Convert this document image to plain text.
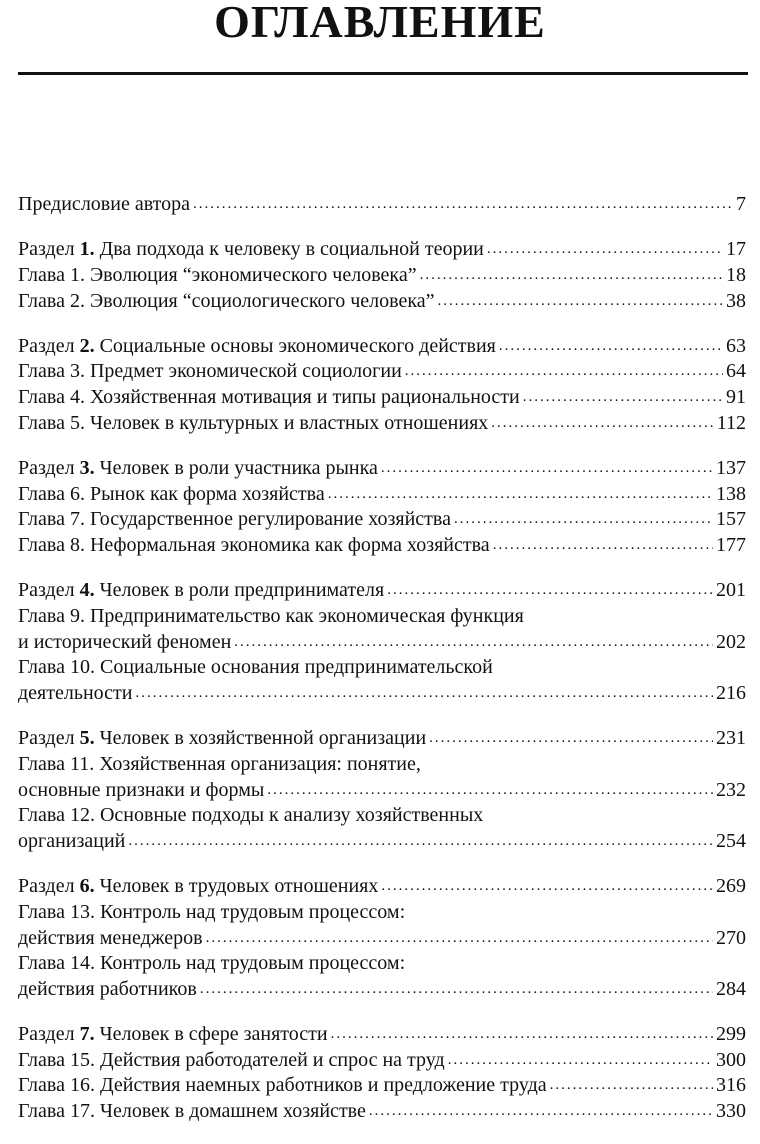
ОГЛАВЛЕНИЕ
Предисловие автора .....	7
Раздел 1. Два подхода к человеку в социальной теории .....	17
Глава 1. Эволюция “экономического человека” .....	18
Глава 2. Эволюция “социологического человека” .....	38
Раздел 2. Социальные основы экономического действия .....	63
Глава 3. Предмет экономической социологии .....	64
Глава 4. Хозяйственная мотивация и типы рациональности .....	91
Глава 5. Человек в культурных и властных отношениях .....	112
Раздел 3. Человек в роли участника рынка .....	137
Глава 6. Рынок как форма хозяйства .....	138
Глава 7. Государственное регулирование хозяйства .....	157
Глава 8. Неформальная экономика как форма хозяйства .....	177
Раздел 4. Человек в роли предпринимателя .....	201
Глава 9. Предпринимательство как экономическая функция
и исторический феномен .....	202
Глава 10. Социальные основания предпринимательской
деятельности .....	216
Раздел 5. Человек в хозяйственной организации .....	231
Глава 11. Хозяйственная организация: понятие,
основные признаки и формы .....	232
Глава 12. Основные подходы к анализу хозяйственных
организаций .....	254
Раздел 6. Человек в трудовых отношениях .....	269
Глава 13. Контроль над трудовым процессом:
действия менеджеров .....	270
Глава 14. Контроль над трудовым процессом:
действия работников .....	284
Раздел 7. Человек в сфере занятости .....	299
Глава 15. Действия работодателей и спрос на труд .....	300
Глава 16. Действия наемных работников и предложение труда .....	316
Глава 17. Человек в домашнем хозяйстве .....	330
